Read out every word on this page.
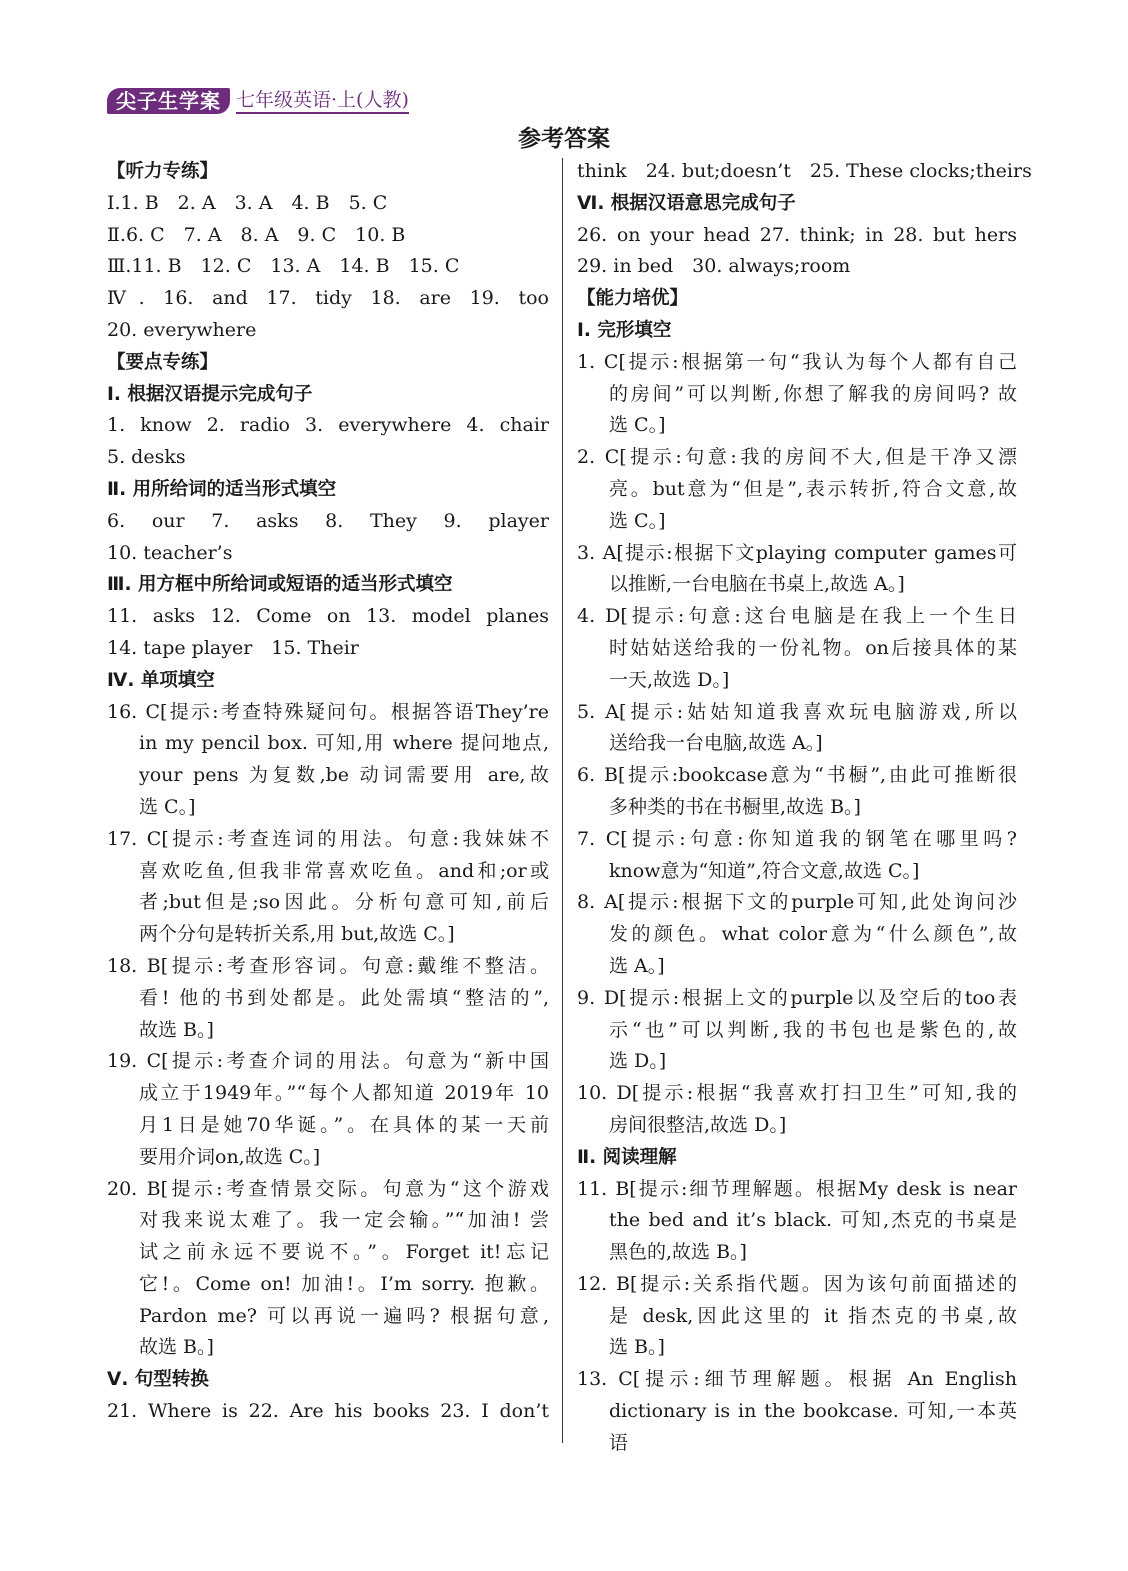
尖子生学案 七年级英语·上(人教)
参考答案
【听力专练】
Ⅰ.1. B　2. A　3. A　4. B　5. C
Ⅱ.6. C　7. A　8. A　9. C　10. B
Ⅲ.11. B　12. C　13. A　14. B　15. C
Ⅳ. 16. and 17. tidy 18. are 19. too
20. everywhere
【要点专练】
Ⅰ. 根据汉语提示完成句子
1. know 2. radio 3. everywhere 4. chair
5. desks
Ⅱ. 用所给词的适当形式填空
6. our 7. asks 8. They 9. player
10. teacher’s
Ⅲ. 用方框中所给词或短语的适当形式填空
11. asks 12. Come on 13. model planes
14. tape player　15. Their
Ⅳ. 单项填空
16. C[提示:考查特殊疑问句。根据答语They’re
in my pencil box. 可知,用 where 提问地点,
your pens 为复数,be 动词需要用 are,故
选 C。]
17. C[提示:考查连词的用法。句意:我妹妹不
喜欢吃鱼,但我非常喜欢吃鱼。and和;or或
者;but但是;so因此。分析句意可知,前后
两个分句是转折关系,用 but,故选 C。]
18. B[提示:考查形容词。句意:戴维不整洁。
看! 他的书到处都是。此处需填“整洁的”,
故选 B。]
19. C[提示:考查介词的用法。句意为“新中国
成立于1949年。”“每个人都知道 2019年 10
月1日是她70华诞。”。在具体的某一天前
要用介词on,故选 C。]
20. B[提示:考查情景交际。句意为“这个游戏
对我来说太难了。我一定会输。”“加油! 尝
试之前永远不要说不。”。Forget it!忘记
它!。Come on! 加油!。I’m sorry. 抱歉。
Pardon me? 可以再说一遍吗? 根据句意,
故选 B。]
Ⅴ. 句型转换
21. Where is 22. Are his books 23. I don’t
think　24. but;doesn’t　25. These clocks;theirs
Ⅵ. 根据汉语意思完成句子
26. on your head 27. think; in 28. but hers
29. in bed　30. always;room
【能力培优】
Ⅰ. 完形填空
1. C[提示:根据第一句“我认为每个人都有自己
的房间”可以判断,你想了解我的房间吗? 故
选 C。]
2. C[提示:句意:我的房间不大,但是干净又漂
亮。but意为“但是”,表示转折,符合文意,故
选 C。]
3. A[提示:根据下文playing computer games可
以推断,一台电脑在书桌上,故选 A。]
4. D[提示:句意:这台电脑是在我上一个生日
时姑姑送给我的一份礼物。on后接具体的某
一天,故选 D。]
5. A[提示:姑姑知道我喜欢玩电脑游戏,所以
送给我一台电脑,故选 A。]
6. B[提示:bookcase意为“书橱”,由此可推断很
多种类的书在书橱里,故选 B。]
7. C[提示:句意:你知道我的钢笔在哪里吗?
know意为“知道”,符合文意,故选 C。]
8. A[提示:根据下文的purple可知,此处询问沙
发的颜色。what color意为“什么颜色”,故
选 A。]
9. D[提示:根据上文的purple以及空后的too表
示“也”可以判断,我的书包也是紫色的,故
选 D。]
10. D[提示:根据“我喜欢打扫卫生”可知,我的
房间很整洁,故选 D。]
Ⅱ. 阅读理解
11. B[提示:细节理解题。根据My desk is near
the bed and it’s black. 可知,杰克的书桌是
黑色的,故选 B。]
12. B[提示:关系指代题。因为该句前面描述的
是 desk,因此这里的 it 指杰克的书桌,故
选 B。]
13. C[提示:细节理解题。根据 An English
dictionary is in the bookcase. 可知,一本英语
